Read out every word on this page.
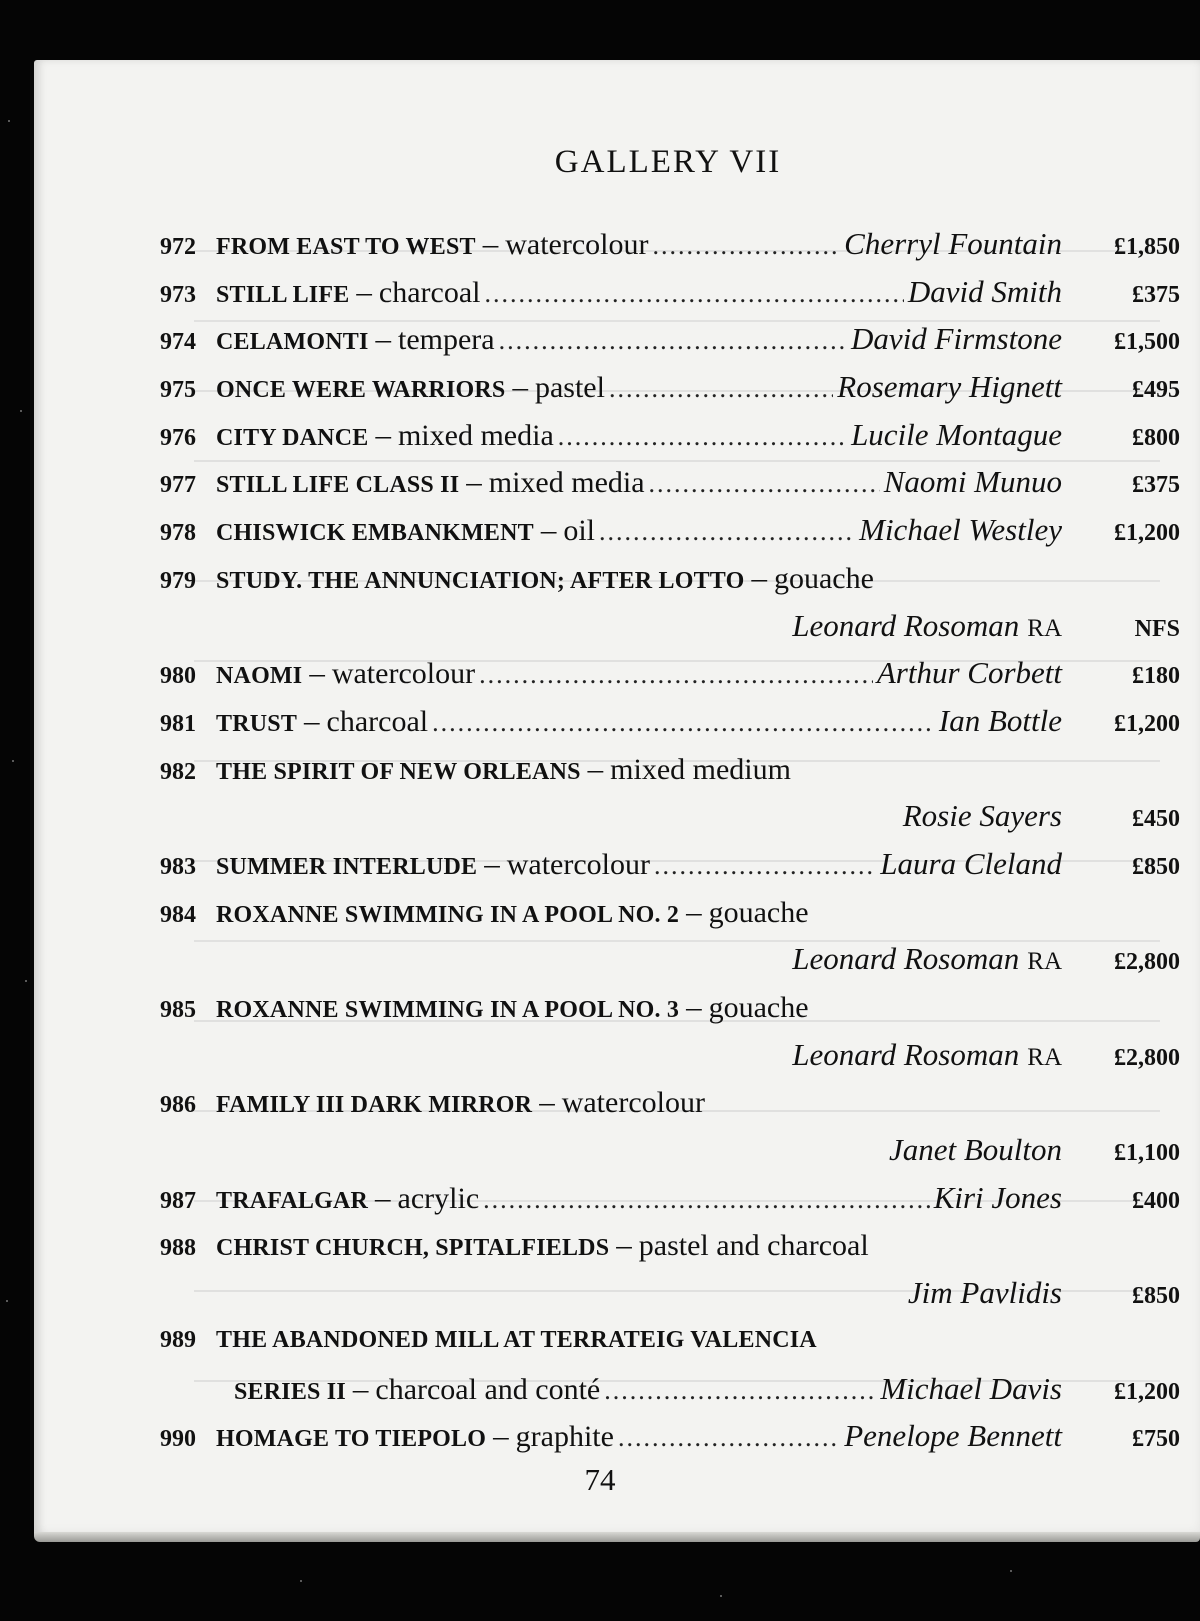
GALLERY VII
972 FROM EAST TO WEST – watercolour .....	Cherryl Fountain	£1,850
973 STILL LIFE – charcoal .....	David Smith	£375
974 CELAMONTI – tempera .....	David Firmstone	£1,500
975 ONCE WERE WARRIORS – pastel .....	Rosemary Hignett	£495
976 CITY DANCE – mixed media .....	Lucile Montague	£800
977 STILL LIFE CLASS II – mixed media .....	Naomi Munuo	£375
978 CHISWICK EMBANKMENT – oil .....	Michael Westley	£1,200
979 STUDY. THE ANNUNCIATION; AFTER LOTTO – gouache
Leonard Rosoman RA	NFS
980 NAOMI – watercolour .....	Arthur Corbett	£180
981 TRUST – charcoal .....	Ian Bottle	£1,200
982 THE SPIRIT OF NEW ORLEANS – mixed medium
Rosie Sayers	£450
983 SUMMER INTERLUDE – watercolour .....	Laura Cleland	£850
984 ROXANNE SWIMMING IN A POOL NO. 2 – gouache
Leonard Rosoman RA	£2,800
985 ROXANNE SWIMMING IN A POOL NO. 3 – gouache
Leonard Rosoman RA	£2,800
986 FAMILY III DARK MIRROR – watercolour
Janet Boulton	£1,100
987 TRAFALGAR – acrylic .....	Kiri Jones	£400
988 CHRIST CHURCH, SPITALFIELDS – pastel and charcoal
Jim Pavlidis	£850
989 THE ABANDONED MILL AT TERRATEIG VALENCIA
SERIES II – charcoal and conté .....	Michael Davis	£1,200
990 HOMAGE TO TIEPOLO – graphite .....	Penelope Bennett	£750
74
